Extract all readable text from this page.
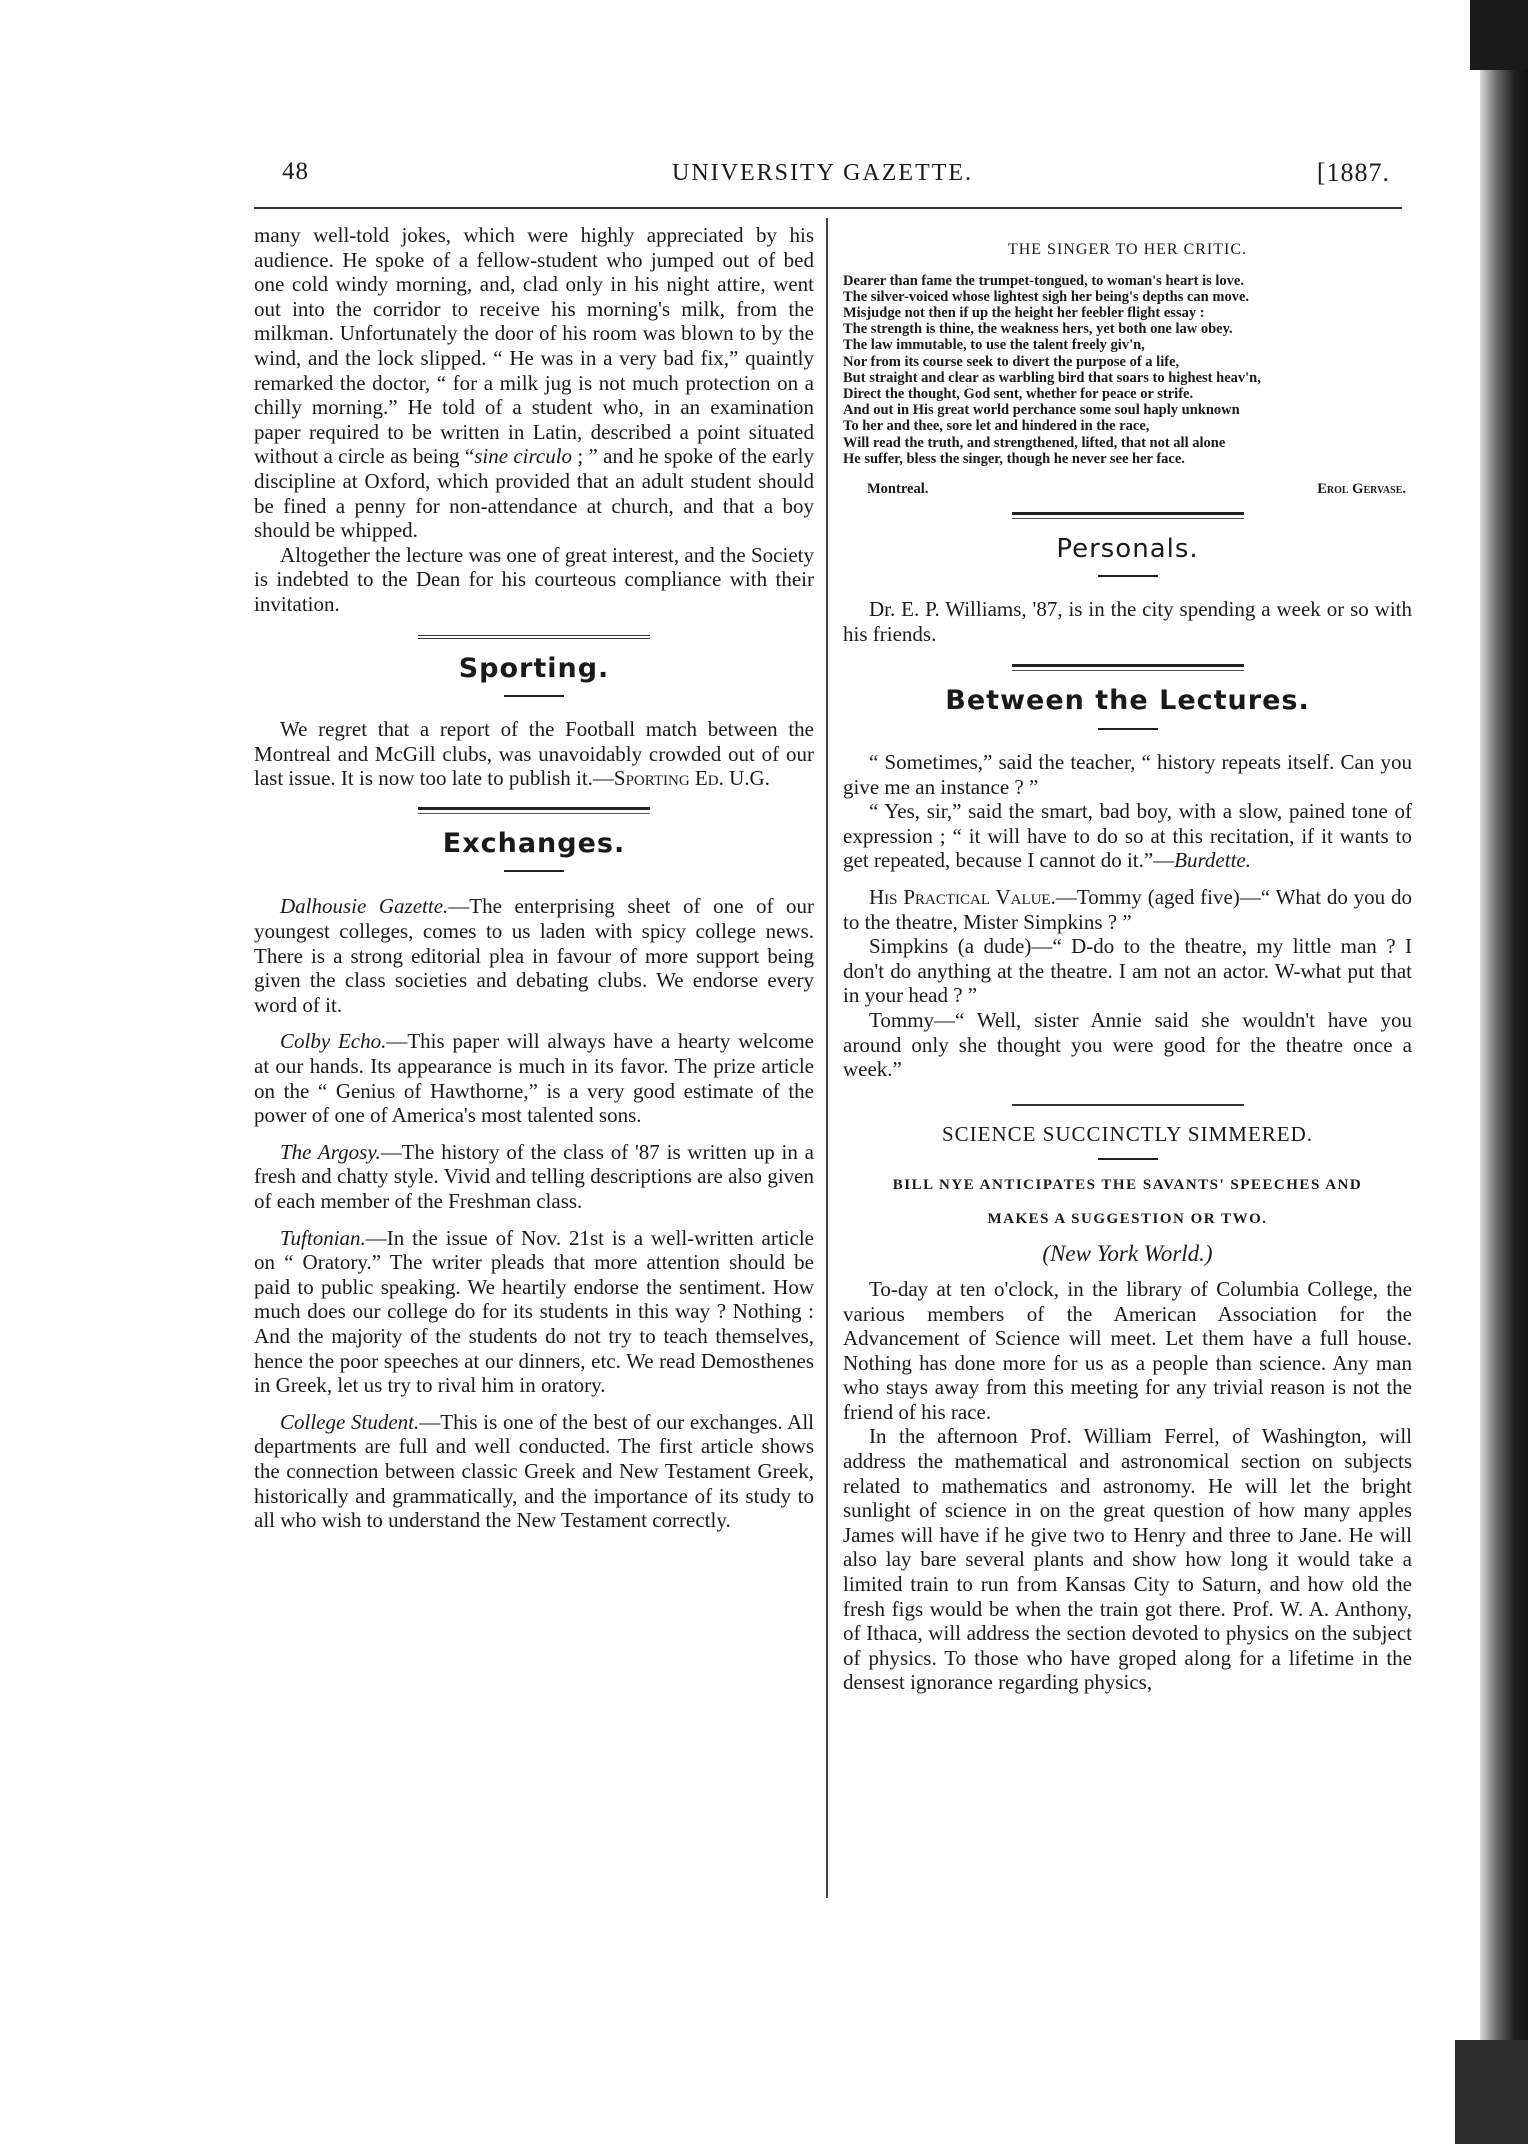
48	UNIVERSITY GAZETTE.	[1887.

many well-told jokes, which were highly appreciated by his audience. He spoke of a fellow-student who jumped out of bed one cold windy morning, and, clad only in his night attire, went out into the corridor to receive his morning's milk, from the milkman. Unfortunately the door of his room was blown to by the wind, and the lock slipped. “ He was in a very bad fix,” quaintly remarked the doctor, “ for a milk jug is not much protection on a chilly morning.” He told of a student who, in an examination paper required to be written in Latin, described a point situated without a circle as being “sine circulo ; ” and he spoke of the early discipline at Oxford, which provided that an adult student should be fined a penny for non-attendance at church, and that a boy should be whipped.

Altogether the lecture was one of great interest, and the Society is indebted to the Dean for his courteous compliance with their invitation.

Sporting.

We regret that a report of the Football match between the Montreal and McGill clubs, was unavoidably crowded out of our last issue. It is now too late to publish it.—Sporting Ed. U.G.

Exchanges.

Dalhousie Gazette.—The enterprising sheet of one of our youngest colleges, comes to us laden with spicy college news. There is a strong editorial plea in favour of more support being given the class societies and debating clubs. We endorse every word of it.

Colby Echo.—This paper will always have a hearty welcome at our hands. Its appearance is much in its favor. The prize article on the “ Genius of Hawthorne,” is a very good estimate of the power of one of America's most talented sons.

The Argosy.—The history of the class of '87 is written up in a fresh and chatty style. Vivid and telling descriptions are also given of each member of the Freshman class.

Tuftonian.—In the issue of Nov. 21st is a well-written article on “ Oratory.” The writer pleads that more attention should be paid to public speaking. We heartily endorse the sentiment. How much does our college do for its students in this way ? Nothing : And the majority of the students do not try to teach themselves, hence the poor speeches at our dinners, etc. We read Demosthenes in Greek, let us try to rival him in oratory.

College Student.—This is one of the best of our exchanges. All departments are full and well conducted. The first article shows the connection between classic Greek and New Testament Greek, historically and grammatically, and the importance of its study to all who wish to understand the New Testament correctly.

THE SINGER TO HER CRITIC.
Dearer than fame the trumpet-tongued, to woman's heart is love.
The silver-voiced whose lightest sigh her being's depths can move.
Misjudge not then if up the height her feebler flight essay :
The strength is thine, the weakness hers, yet both one law obey.
The law immutable, to use the talent freely giv'n,
Nor from its course seek to divert the purpose of a life,
But straight and clear as warbling bird that soars to highest heav'n,
Direct the thought, God sent, whether for peace or strife.
And out in His great world perchance some soul haply unknown
To her and thee, sore let and hindered in the race,
Will read the truth, and strengthened, lifted, that not all alone
He suffer, bless the singer, though he never see her face.
Montreal.	Erol Gervase.
Personals.

Dr. E. P. Williams, '87, is in the city spending a week or so with his friends.

Between the Lectures.

“ Sometimes,” said the teacher, “ history repeats itself. Can you give me an instance ? ”

“ Yes, sir,” said the smart, bad boy, with a slow, pained tone of expression ; “ it will have to do so at this recitation, if it wants to get repeated, because I cannot do it.”—Burdette.

His Practical Value.—Tommy (aged five)—“ What do you do to the theatre, Mister Simpkins ? ”

Simpkins (a dude)—“ D-do to the theatre, my little man ? I don't do anything at the theatre. I am not an actor. W-what put that in your head ? ”

Tommy—“ Well, sister Annie said she wouldn't have you around only she thought you were good for the theatre once a week.”

SCIENCE SUCCINCTLY SIMMERED.
BILL NYE ANTICIPATES THE SAVANTS' SPEECHES AND
MAKES A SUGGESTION OR TWO.
(New York World.)

To-day at ten o'clock, in the library of Columbia College, the various members of the American Association for the Advancement of Science will meet. Let them have a full house. Nothing has done more for us as a people than science. Any man who stays away from this meeting for any trivial reason is not the friend of his race.

In the afternoon Prof. William Ferrel, of Washington, will address the mathematical and astronomical section on subjects related to mathematics and astronomy. He will let the bright sunlight of science in on the great question of how many apples James will have if he give two to Henry and three to Jane. He will also lay bare several plants and show how long it would take a limited train to run from Kansas City to Saturn, and how old the fresh figs would be when the train got there. Prof. W. A. Anthony, of Ithaca, will address the section devoted to physics on the subject of physics. To those who have groped along for a lifetime in the densest ignorance regarding physics,
